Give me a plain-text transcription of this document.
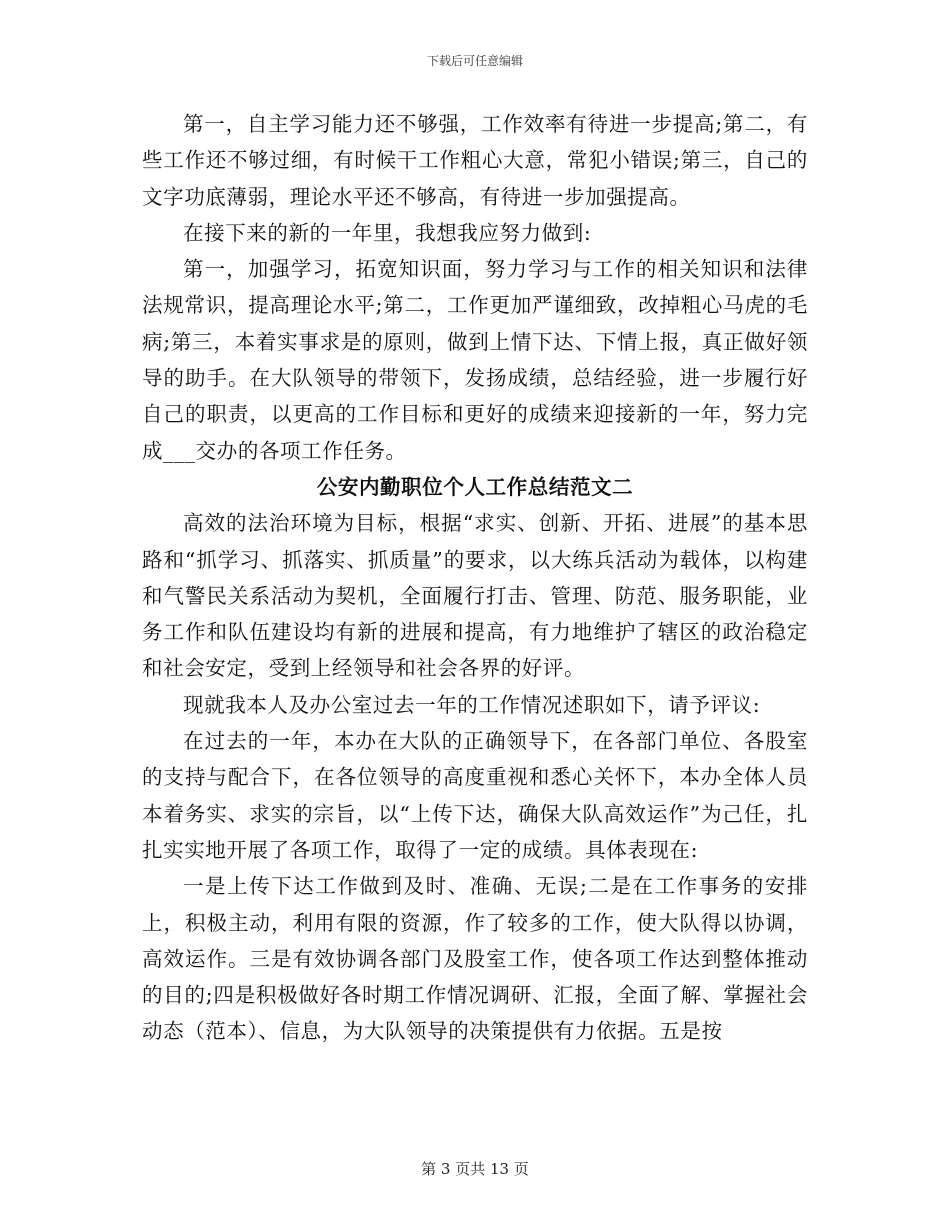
下载后可任意编辑

第一，自主学习能力还不够强，工作效率有待进一步提高;第二，有些工作还不够过细，有时候干工作粗心大意，常犯小错误;第三，自己的文字功底薄弱，理论水平还不够高，有待进一步加强提高。

在接下来的新的一年里，我想我应努力做到:

第一，加强学习，拓宽知识面，努力学习与工作的相关知识和法律法规常识，提高理论水平;第二，工作更加严谨细致，改掉粗心马虎的毛病;第三，本着实事求是的原则，做到上情下达、下情上报，真正做好领导的助手。在大队领导的带领下，发扬成绩，总结经验，进一步履行好自己的职责，以更高的工作目标和更好的成绩来迎接新的一年，努力完成___交办的各项工作任务。

公安内勤职位个人工作总结范文二

高效的法治环境为目标，根据“求实、创新、开拓、进展”的基本思路和“抓学习、抓落实、抓质量”的要求，以大练兵活动为载体，以构建和气警民关系活动为契机，全面履行打击、管理、防范、服务职能，业务工作和队伍建设均有新的进展和提高，有力地维护了辖区的政治稳定和社会安定，受到上经领导和社会各界的好评。

现就我本人及办公室过去一年的工作情况述职如下，请予评议:

在过去的一年，本办在大队的正确领导下，在各部门单位、各股室的支持与配合下，在各位领导的高度重视和悉心关怀下，本办全体人员本着务实、求实的宗旨，以“上传下达，确保大队高效运作”为己任，扎扎实实地开展了各项工作，取得了一定的成绩。具体表现在:

一是上传下达工作做到及时、准确、无误;二是在工作事务的安排上，积极主动，利用有限的资源，作了较多的工作，使大队得以协调，高效运作。三是有效协调各部门及股室工作，使各项工作达到整体推动的目的;四是积极做好各时期工作情况调研、汇报，全面了解、掌握社会动态（范本）、信息，为大队领导的决策提供有力依据。五是按

第 3 页共 13 页
